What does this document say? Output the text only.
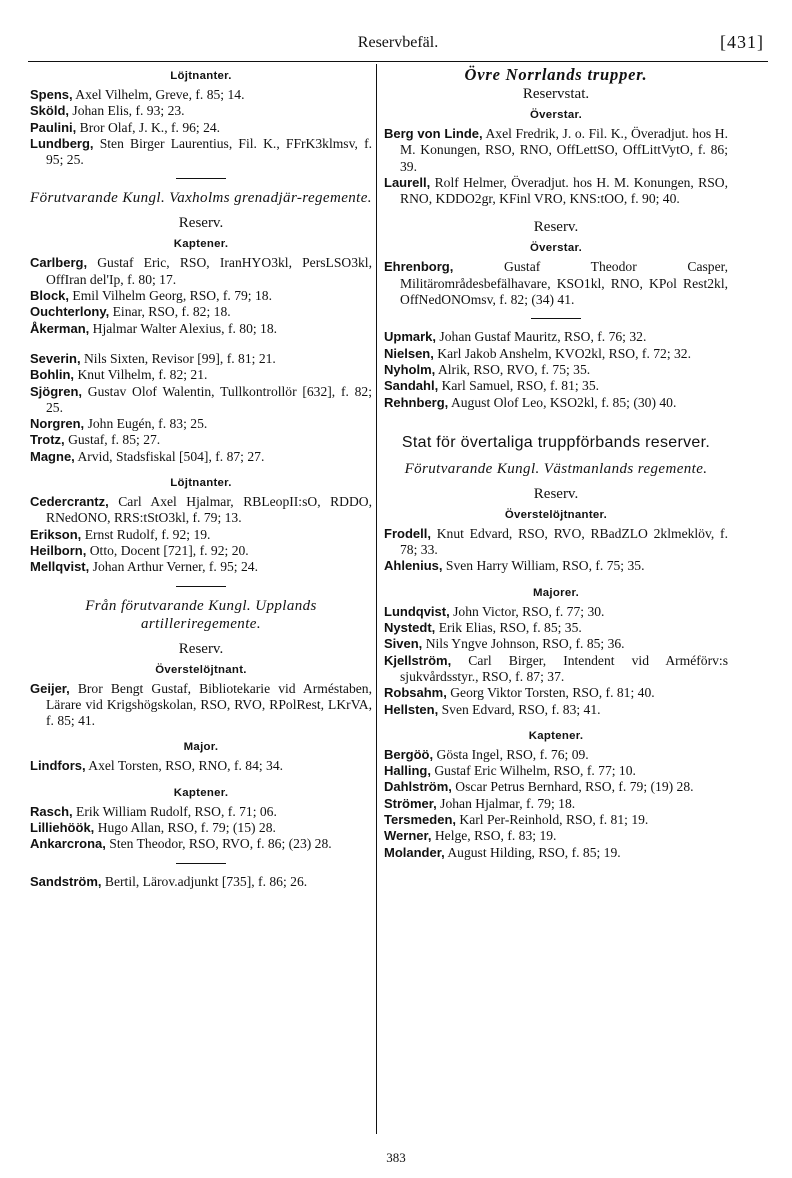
Reservbefäl.	[431]
Löjtnanter.

Spens, Axel Vilhelm, Greve, f. 85; 14.

Sköld, Johan Elis, f. 93; 23.

Paulini, Bror Olaf, J. K., f. 96; 24.

Lundberg, Sten Birger Laurentius, Fil. K., FFrK3klmsv, f. 95; 25.

Förutvarande Kungl. Vaxholms grenadjär-regemente.
Reserv.
Kaptener.

Carlberg, Gustaf Eric, RSO, IranHYO3kl, PersLSO3kl, OffIran del'Ip, f. 80; 17.

Block, Emil Vilhelm Georg, RSO, f. 79; 18.

Ouchterlony, Einar, RSO, f. 82; 18.

Åkerman, Hjalmar Walter Alexius, f. 80; 18.

Severin, Nils Sixten, Revisor [99], f. 81; 21.

Bohlin, Knut Vilhelm, f. 82; 21.

Sjögren, Gustav Olof Walentin, Tullkontrollör [632], f. 82; 25.

Norgren, John Eugén, f. 83; 25.

Trotz, Gustaf, f. 85; 27.

Magne, Arvid, Stadsfiskal [504], f. 87; 27.

Löjtnanter.

Cedercrantz, Carl Axel Hjalmar, RBLeopII:sO, RDDO, RNedONO, RRS:tStO3kl, f. 79; 13.

Erikson, Ernst Rudolf, f. 92; 19.

Heilborn, Otto, Docent [721], f. 92; 20.

Mellqvist, Johan Arthur Verner, f. 95; 24.

Från förutvarande Kungl. Upplands artilleriregemente.
Reserv.
Överstelöjtnant.

Geijer, Bror Bengt Gustaf, Bibliotekarie vid Arméstaben, Lärare vid Krigshögskolan, RSO, RVO, RPolRest, LKrVA, f. 85; 41.

Major.

Lindfors, Axel Torsten, RSO, RNO, f. 84; 34.

Kaptener.

Rasch, Erik William Rudolf, RSO, f. 71; 06.

Lilliehöök, Hugo Allan, RSO, f. 79; (15) 28.

Ankarcrona, Sten Theodor, RSO, RVO, f. 86; (23) 28.

Sandström, Bertil, Lärov.adjunkt [735], f. 86; 26.

Övre Norrlands trupper.
Reservstat.
Överstar.

Berg von Linde, Axel Fredrik, J. o. Fil. K., Överadjut. hos H. M. Konungen, RSO, RNO, OffLettSO, OffLittVytO, f. 86; 39.

Laurell, Rolf Helmer, Överadjut. hos H. M. Konungen, RSO, RNO, KDDO2gr, KFinl VRO, KNS:tOO, f. 90; 40.

Reserv.
Överstar.

Ehrenborg, Gustaf Theodor Casper, Militärområdesbefälhavare, KSO1kl, RNO, KPol Rest2kl, OffNedONOmsv, f. 82; (34) 41.

Upmark, Johan Gustaf Mauritz, RSO, f. 76; 32.

Nielsen, Karl Jakob Anshelm, KVO2kl, RSO, f. 72; 32.

Nyholm, Alrik, RSO, RVO, f. 75; 35.

Sandahl, Karl Samuel, RSO, f. 81; 35.

Rehnberg, August Olof Leo, KSO2kl, f. 85; (30) 40.

Stat för övertaliga truppförbands reserver.
Förutvarande Kungl. Västmanlands regemente.
Reserv.
Överstelöjtnanter.

Frodell, Knut Edvard, RSO, RVO, RBadZLO 2klmeklöv, f. 78; 33.

Ahlenius, Sven Harry William, RSO, f. 75; 35.

Majorer.

Lundqvist, John Victor, RSO, f. 77; 30.

Nystedt, Erik Elias, RSO, f. 85; 35.

Siven, Nils Yngve Johnson, RSO, f. 85; 36.

Kjellström, Carl Birger, Intendent vid Arméförv:s sjukvårdsstyr., RSO, f. 87; 37.

Robsahm, Georg Viktor Torsten, RSO, f. 81; 40.

Hellsten, Sven Edvard, RSO, f. 83; 41.

Kaptener.

Bergöö, Gösta Ingel, RSO, f. 76; 09.

Halling, Gustaf Eric Wilhelm, RSO, f. 77; 10.

Dahlström, Oscar Petrus Bernhard, RSO, f. 79; (19) 28.

Strömer, Johan Hjalmar, f. 79; 18.

Tersmeden, Karl Per-Reinhold, RSO, f. 81; 19.

Werner, Helge, RSO, f. 83; 19.

Molander, August Hilding, RSO, f. 85; 19.

383
